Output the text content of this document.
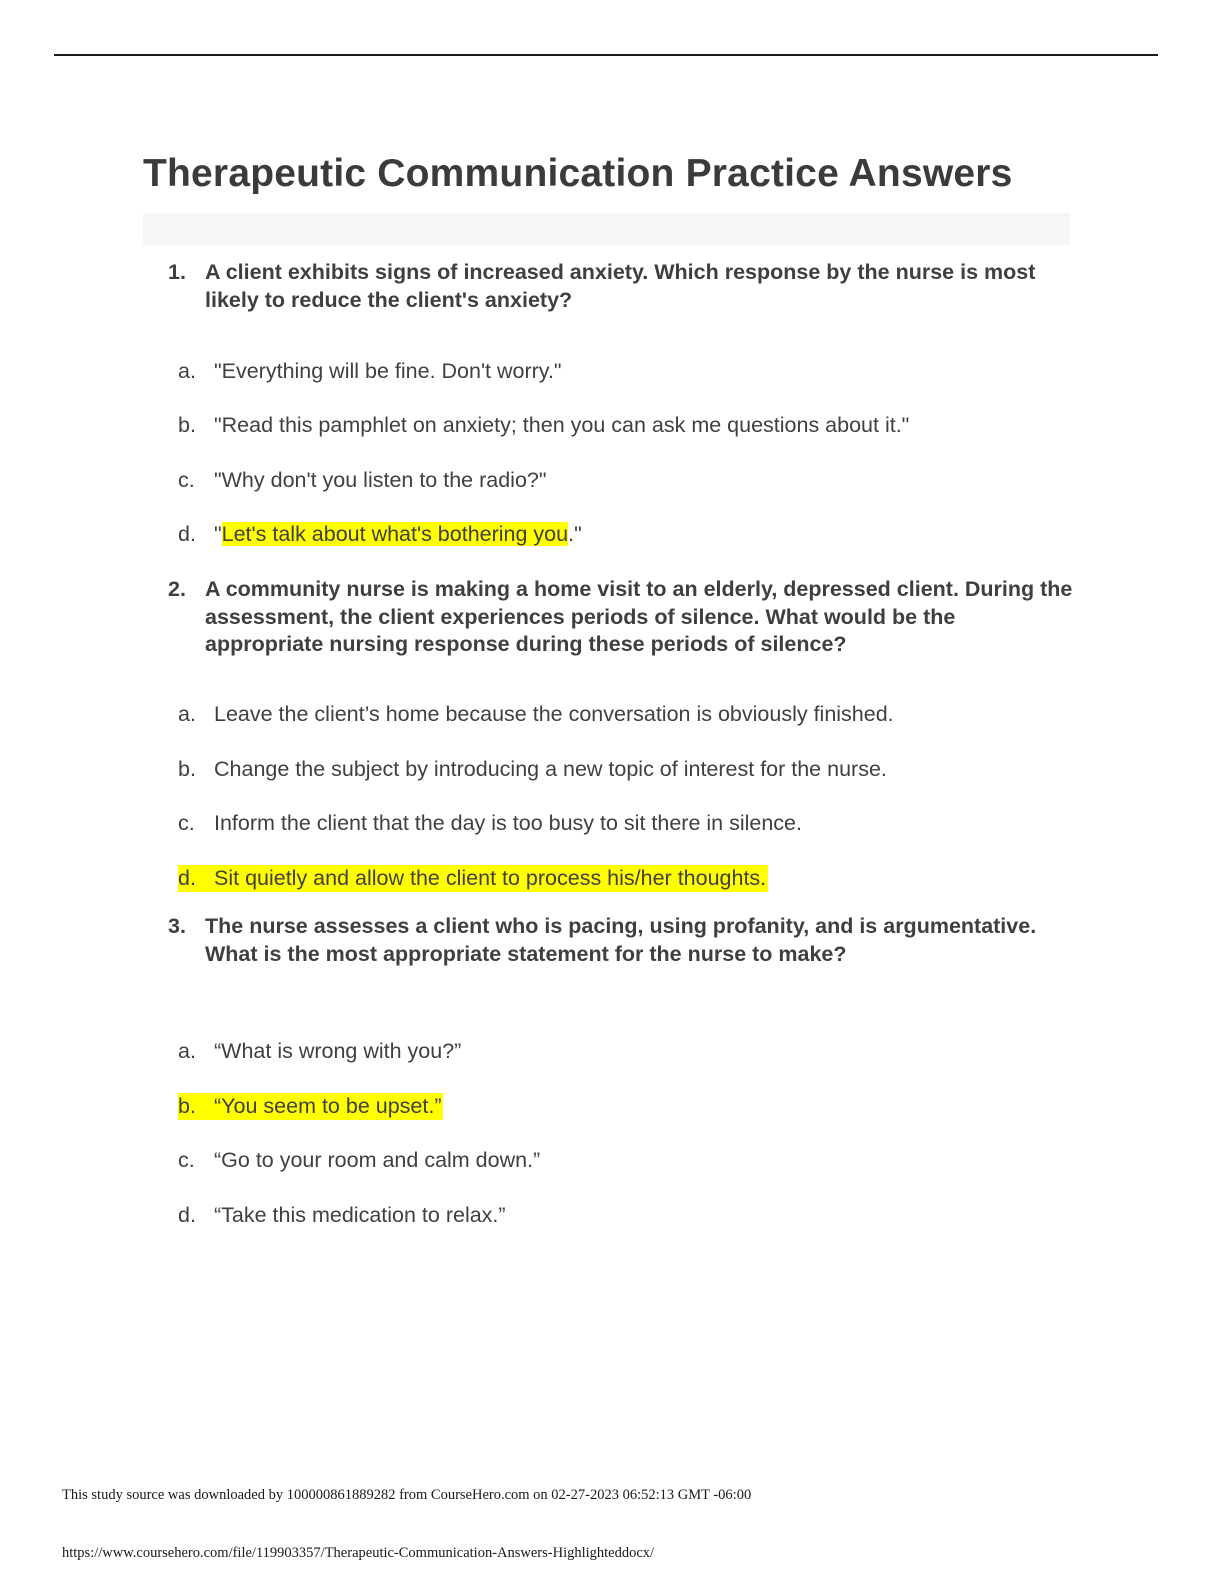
Therapeutic Communication Practice Answers
1. A client exhibits signs of increased anxiety. Which response by the nurse is most likely to reduce the client's anxiety?
a. "Everything will be fine. Don't worry."
b. "Read this pamphlet on anxiety; then you can ask me questions about it."
c. "Why don't you listen to the radio?"
d. "Let's talk about what's bothering you."
2. A community nurse is making a home visit to an elderly, depressed client. During the assessment, the client experiences periods of silence. What would be the appropriate nursing response during these periods of silence?
a. Leave the client’s home because the conversation is obviously finished.
b. Change the subject by introducing a new topic of interest for the nurse.
c. Inform the client that the day is too busy to sit there in silence.
d. Sit quietly and allow the client to process his/her thoughts.
3. The nurse assesses a client who is pacing, using profanity, and is argumentative. What is the most appropriate statement for the nurse to make?
a. “What is wrong with you?”
b. “You seem to be upset.”
c. “Go to your room and calm down.”
d. “Take this medication to relax.”
This study source was downloaded by 100000861889282 from CourseHero.com on 02-27-2023 06:52:13 GMT -06:00
https://www.coursehero.com/file/119903357/Therapeutic-Communication-Answers-Highlighteddocx/
